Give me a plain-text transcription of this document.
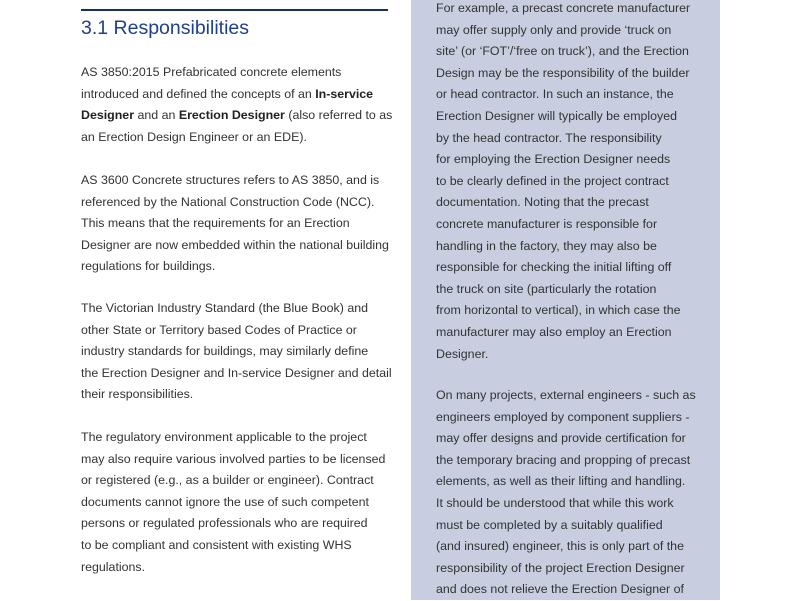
3.1 Responsibilities
AS 3850:2015 Prefabricated concrete elements
introduced and defined the concepts of an In-service
Designer and an Erection Designer (also referred to as
an Erection Design Engineer or an EDE).
AS 3600 Concrete structures refers to AS 3850, and is
referenced by the National Construction Code (NCC).
This means that the requirements for an Erection
Designer are now embedded within the national building
regulations for buildings.
The Victorian Industry Standard (the Blue Book) and
other State or Territory based Codes of Practice or
industry standards for buildings, may similarly define
the Erection Designer and In-service Designer and detail
their responsibilities.
The regulatory environment applicable to the project
may also require various involved parties to be licensed
or registered (e.g., as a builder or engineer). Contract
documents cannot ignore the use of such competent
persons or regulated professionals who are required
to be compliant and consistent with existing WHS
regulations.
For example, a precast concrete manufacturer
may offer supply only and provide ‘truck on
site’ (or ‘FOT’/‘free on truck’), and the Erection
Design may be the responsibility of the builder
or head contractor. In such an instance, the
Erection Designer will typically be employed
by the head contractor. The responsibility
for employing the Erection Designer needs
to be clearly defined in the project contract
documentation. Noting that the precast
concrete manufacturer is responsible for
handling in the factory, they may also be
responsible for checking the initial lifting off
the truck on site (particularly the rotation
from horizontal to vertical), in which case the
manufacturer may also employ an Erection
Designer.
On many projects, external engineers - such as
engineers employed by component suppliers -
may offer designs and provide certification for
the temporary bracing and propping of precast
elements, as well as their lifting and handling.
It should be understood that while this work
must be completed by a suitably qualified
(and insured) engineer, this is only part of the
responsibility of the project Erection Designer
and does not relieve the Erection Designer of
